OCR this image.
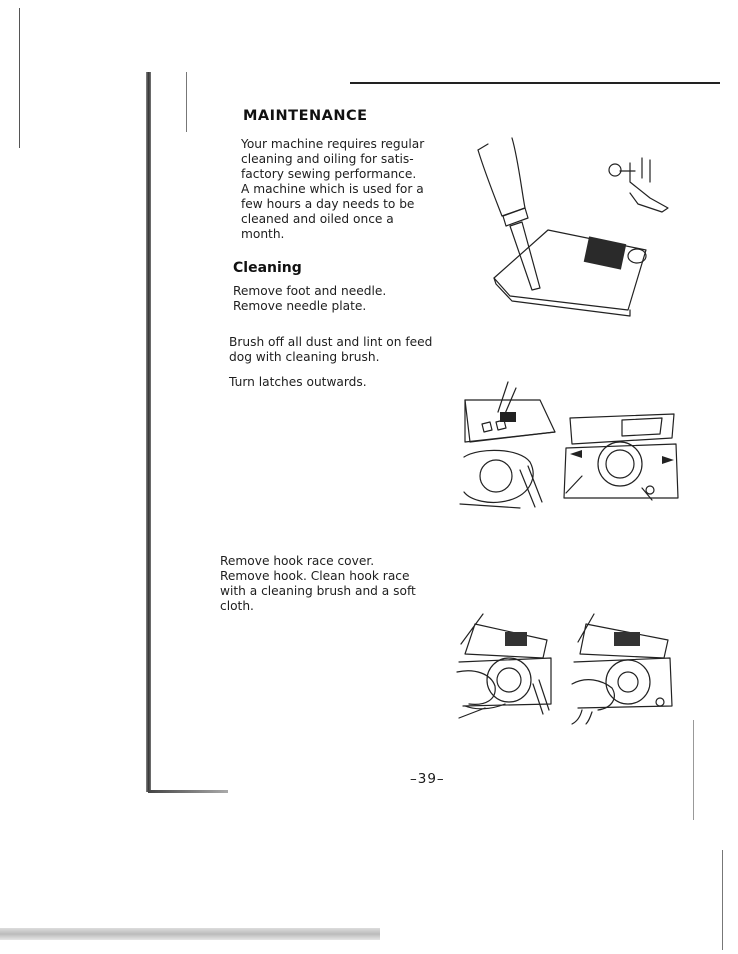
MAINTENANCE
Your machine requires regular
cleaning and oiling for satis-
factory sewing performance.
A machine which is used for a
few hours a day needs to be
cleaned and oiled once a month.
Cleaning
Remove foot and needle.
Remove needle plate.
Brush off all dust and lint on feed
dog with cleaning brush.
Turn latches outwards.
Remove hook race cover.
Remove hook. Clean hook race
with a cleaning brush and a soft
cloth.
–39–
